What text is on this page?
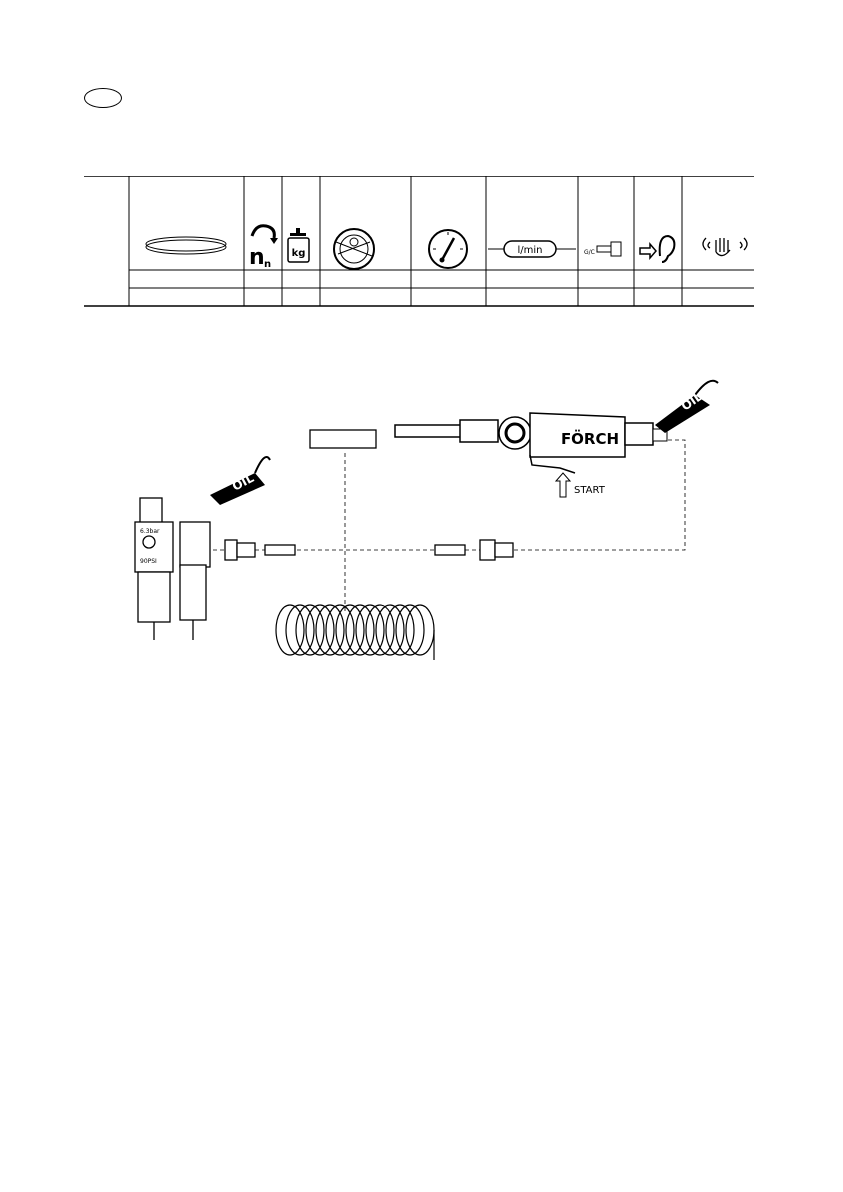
n n
kg	l/min	G/C
FÖRCH
START
OIL
OIL
6.3bar
90PSI
